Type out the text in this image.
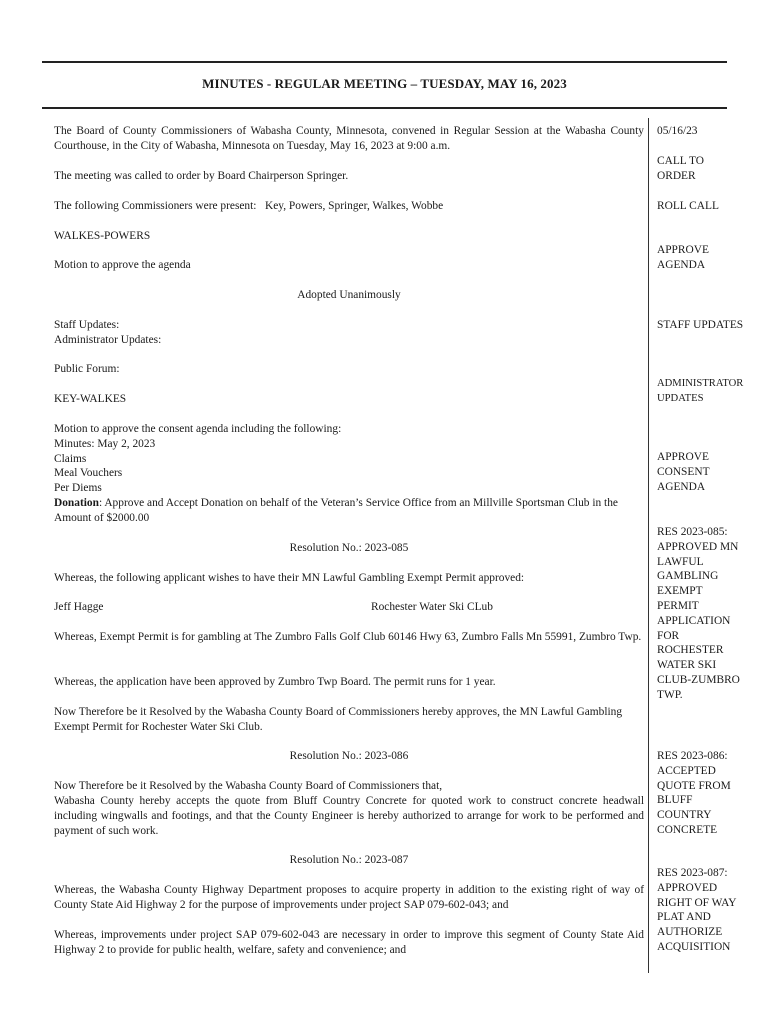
MINUTES - REGULAR MEETING – TUESDAY, MAY 16, 2023
The Board of County Commissioners of Wabasha County, Minnesota, convened in Regular Session at the Wabasha County Courthouse, in the City of Wabasha, Minnesota on Tuesday, May 16, 2023 at 9:00 a.m.
The meeting was called to order by Board Chairperson Springer.
The following Commissioners were present:   Key, Powers, Springer, Walkes, Wobbe
WALKES-POWERS
Motion to approve the agenda
Adopted Unanimously
Staff Updates:
Administrator Updates:
Public Forum:
KEY-WALKES
Motion to approve the consent agenda including the following:
Minutes: May 2, 2023
Claims
Meal Vouchers
Per Diems
Donation: Approve and Accept Donation on behalf of the Veteran’s Service Office from an Millville Sportsman Club in the Amount of $2000.00
Resolution No.: 2023-085
Whereas, the following applicant wishes to have their MN Lawful Gambling Exempt Permit approved:
Jeff Hagge	Rochester Water Ski CLub
Whereas, Exempt Permit is for gambling at The Zumbro Falls Golf Club 60146 Hwy 63, Zumbro Falls Mn 55991, Zumbro Twp.
Whereas, the application have been approved by Zumbro Twp Board. The permit runs for 1 year.
Now Therefore be it Resolved by the Wabasha County Board of Commissioners hereby approves, the MN Lawful Gambling Exempt Permit for Rochester Water Ski Club.
Resolution No.: 2023-086
Now Therefore be it Resolved by the Wabasha County Board of Commissioners that,
Wabasha County hereby accepts the quote from Bluff Country Concrete for quoted work to construct concrete headwall including wingwalls and footings, and that the County Engineer is hereby authorized to arrange for work to be performed and payment of such work.
Resolution No.: 2023-087
Whereas, the Wabasha County Highway Department proposes to acquire property in addition to the existing right of way of County State Aid Highway 2 for the purpose of improvements under project SAP 079-602-043; and
Whereas, improvements under project SAP 079-602-043 are necessary in order to improve this segment of County State Aid Highway 2 to provide for public health, welfare, safety and convenience; and
05/16/23
CALL TO
ORDER
ROLL CALL
APPROVE
AGENDA
STAFF UPDATES
ADMINISTRATOR
UPDATES
APPROVE
CONSENT
AGENDA
RES 2023-085:
APPROVED MN
LAWFUL
GAMBLING
EXEMPT
PERMIT
APPLICATION
FOR
ROCHESTER
WATER SKI
CLUB-ZUMBRO
TWP.
RES 2023-086:
ACCEPTED
QUOTE FROM
BLUFF
COUNTRY
CONCRETE
RES 2023-087:
APPROVED
RIGHT OF WAY
PLAT AND
AUTHORIZE
ACQUISITION
